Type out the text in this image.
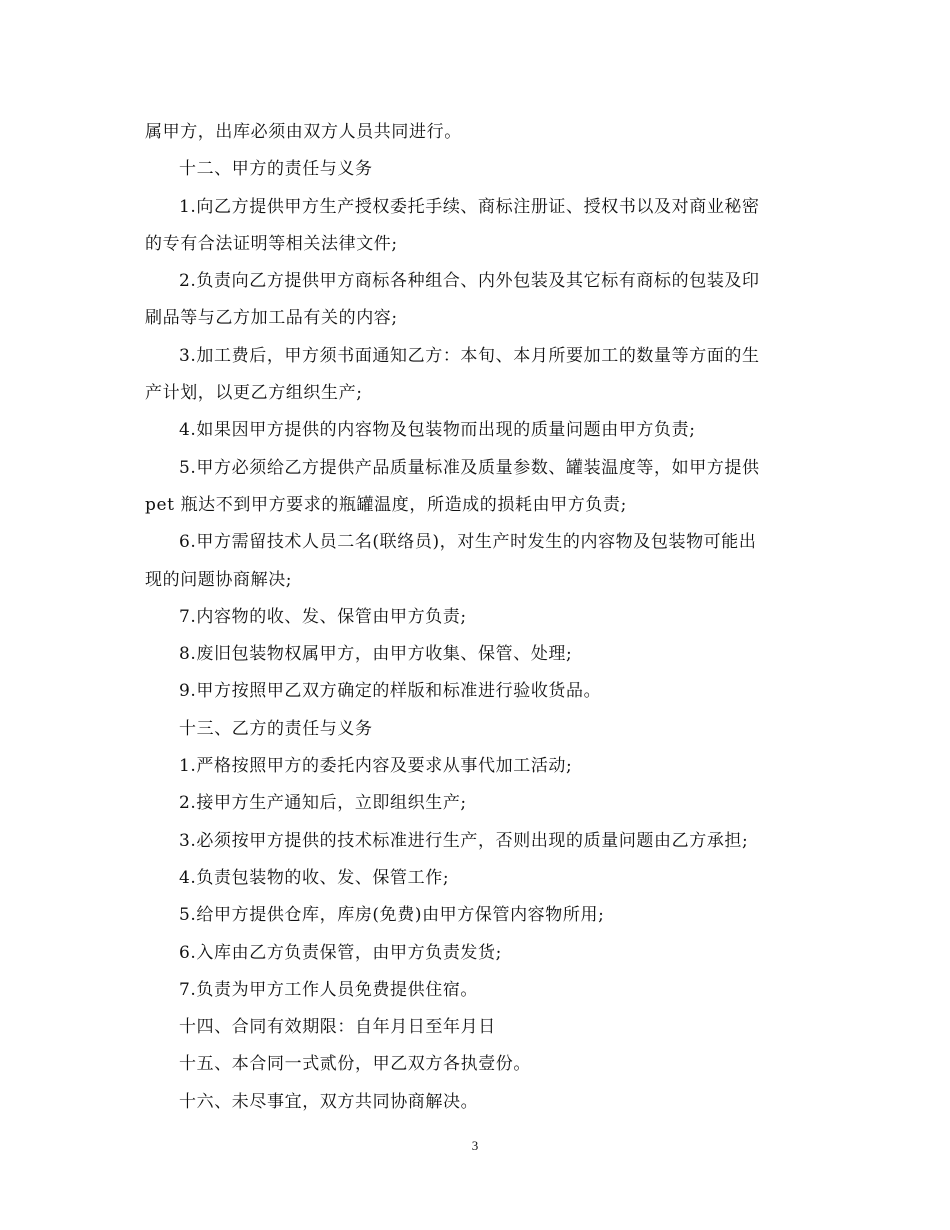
属甲方，出库必须由双方人员共同进行。
十二、甲方的责任与义务
1.向乙方提供甲方生产授权委托手续、商标注册证、授权书以及对商业秘密
的专有合法证明等相关法律文件;
2.负责向乙方提供甲方商标各种组合、内外包装及其它标有商标的包装及印
刷品等与乙方加工品有关的内容;
3.加工费后，甲方须书面通知乙方：本旬、本月所要加工的数量等方面的生
产计划，以更乙方组织生产;
4.如果因甲方提供的内容物及包装物而出现的质量问题由甲方负责;
5.甲方必须给乙方提供产品质量标准及质量参数、罐装温度等，如甲方提供
pet 瓶达不到甲方要求的瓶罐温度，所造成的损耗由甲方负责;
6.甲方需留技术人员二名(联络员)，对生产时发生的内容物及包装物可能出
现的问题协商解决;
7.内容物的收、发、保管由甲方负责;
8.废旧包装物权属甲方，由甲方收集、保管、处理;
9.甲方按照甲乙双方确定的样版和标准进行验收货品。
十三、乙方的责任与义务
1.严格按照甲方的委托内容及要求从事代加工活动;
2.接甲方生产通知后，立即组织生产;
3.必须按甲方提供的技术标准进行生产，否则出现的质量问题由乙方承担;
4.负责包装物的收、发、保管工作;
5.给甲方提供仓库，库房(免费)由甲方保管内容物所用;
6.入库由乙方负责保管，由甲方负责发货;
7.负责为甲方工作人员免费提供住宿。
十四、合同有效期限：自年月日至年月日
十五、本合同一式贰份，甲乙双方各执壹份。
十六、未尽事宜，双方共同协商解决。
3
